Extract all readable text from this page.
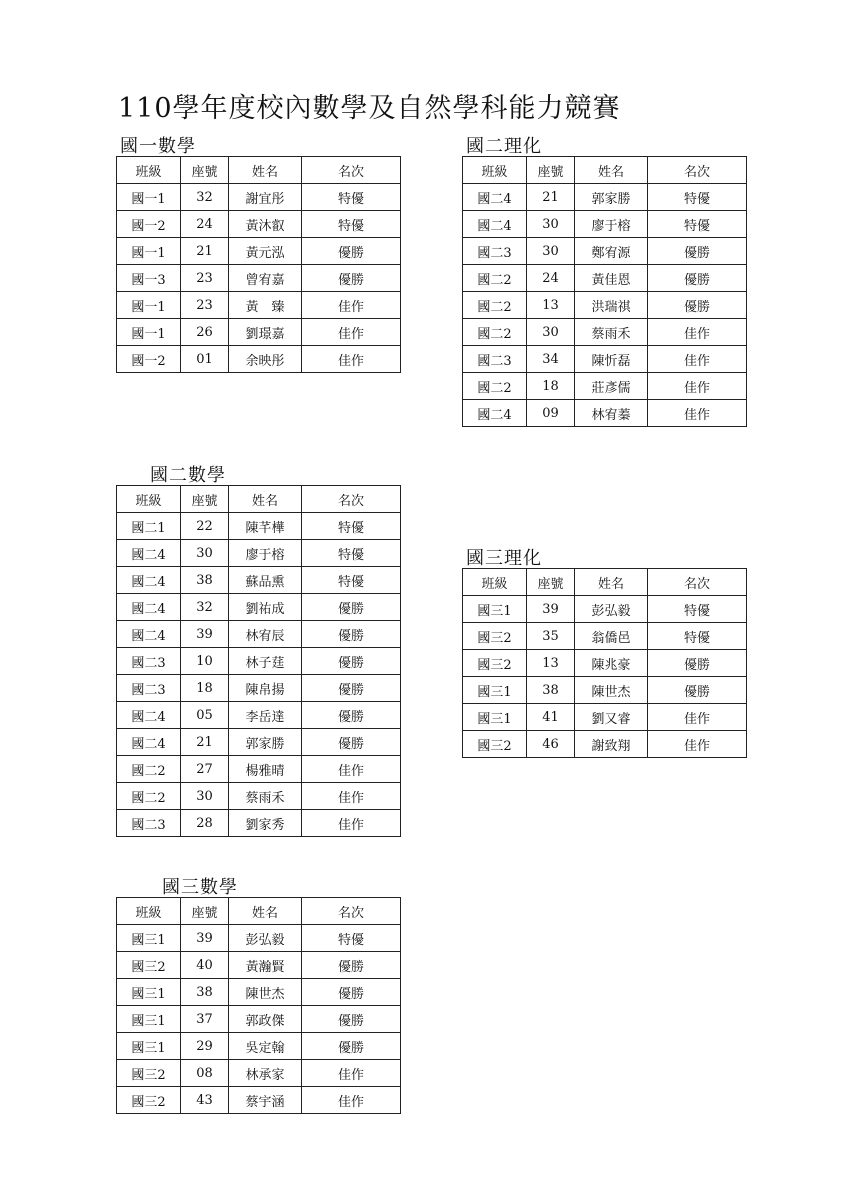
110學年度校內數學及自然學科能力競賽
國一數學
班級	座號	姓名	名次
國一1	32	謝宜彤	特優
國一2	24	黃沐叡	特優
國一1	21	黃元泓	優勝
國一3	23	曾宥嘉	優勝
國一1	23	黃　臻	佳作
國一1	26	劉璟嘉	佳作
國一2	01	余映彤	佳作
國二理化
班級	座號	姓名	名次
國二4	21	郭家勝	特優
國二4	30	廖于榕	特優
國二3	30	鄭宥源	優勝
國二2	24	黃佳恩	優勝
國二2	13	洪瑞祺	優勝
國二2	30	蔡雨禾	佳作
國二3	34	陳忻磊	佳作
國二2	18	莊彥儒	佳作
國二4	09	林宥蓁	佳作
國二數學
班級	座號	姓名	名次
國二1	22	陳芊樺	特優
國二4	30	廖于榕	特優
國二4	38	蘇品熏	特優
國二4	32	劉祐成	優勝
國二4	39	林宥辰	優勝
國二3	10	林子莛	優勝
國二3	18	陳帛揚	優勝
國二4	05	李岳達	優勝
國二4	21	郭家勝	優勝
國二2	27	楊雅晴	佳作
國二2	30	蔡雨禾	佳作
國二3	28	劉家秀	佳作
國三理化
班級	座號	姓名	名次
國三1	39	彭弘毅	特優
國三2	35	翁僑邑	特優
國三2	13	陳兆豪	優勝
國三1	38	陳世杰	優勝
國三1	41	劉又睿	佳作
國三2	46	謝致翔	佳作
國三數學
班級	座號	姓名	名次
國三1	39	彭弘毅	特優
國三2	40	黃瀚賢	優勝
國三1	38	陳世杰	優勝
國三1	37	郭政傑	優勝
國三1	29	吳定翰	優勝
國三2	08	林承家	佳作
國三2	43	蔡宇涵	佳作
